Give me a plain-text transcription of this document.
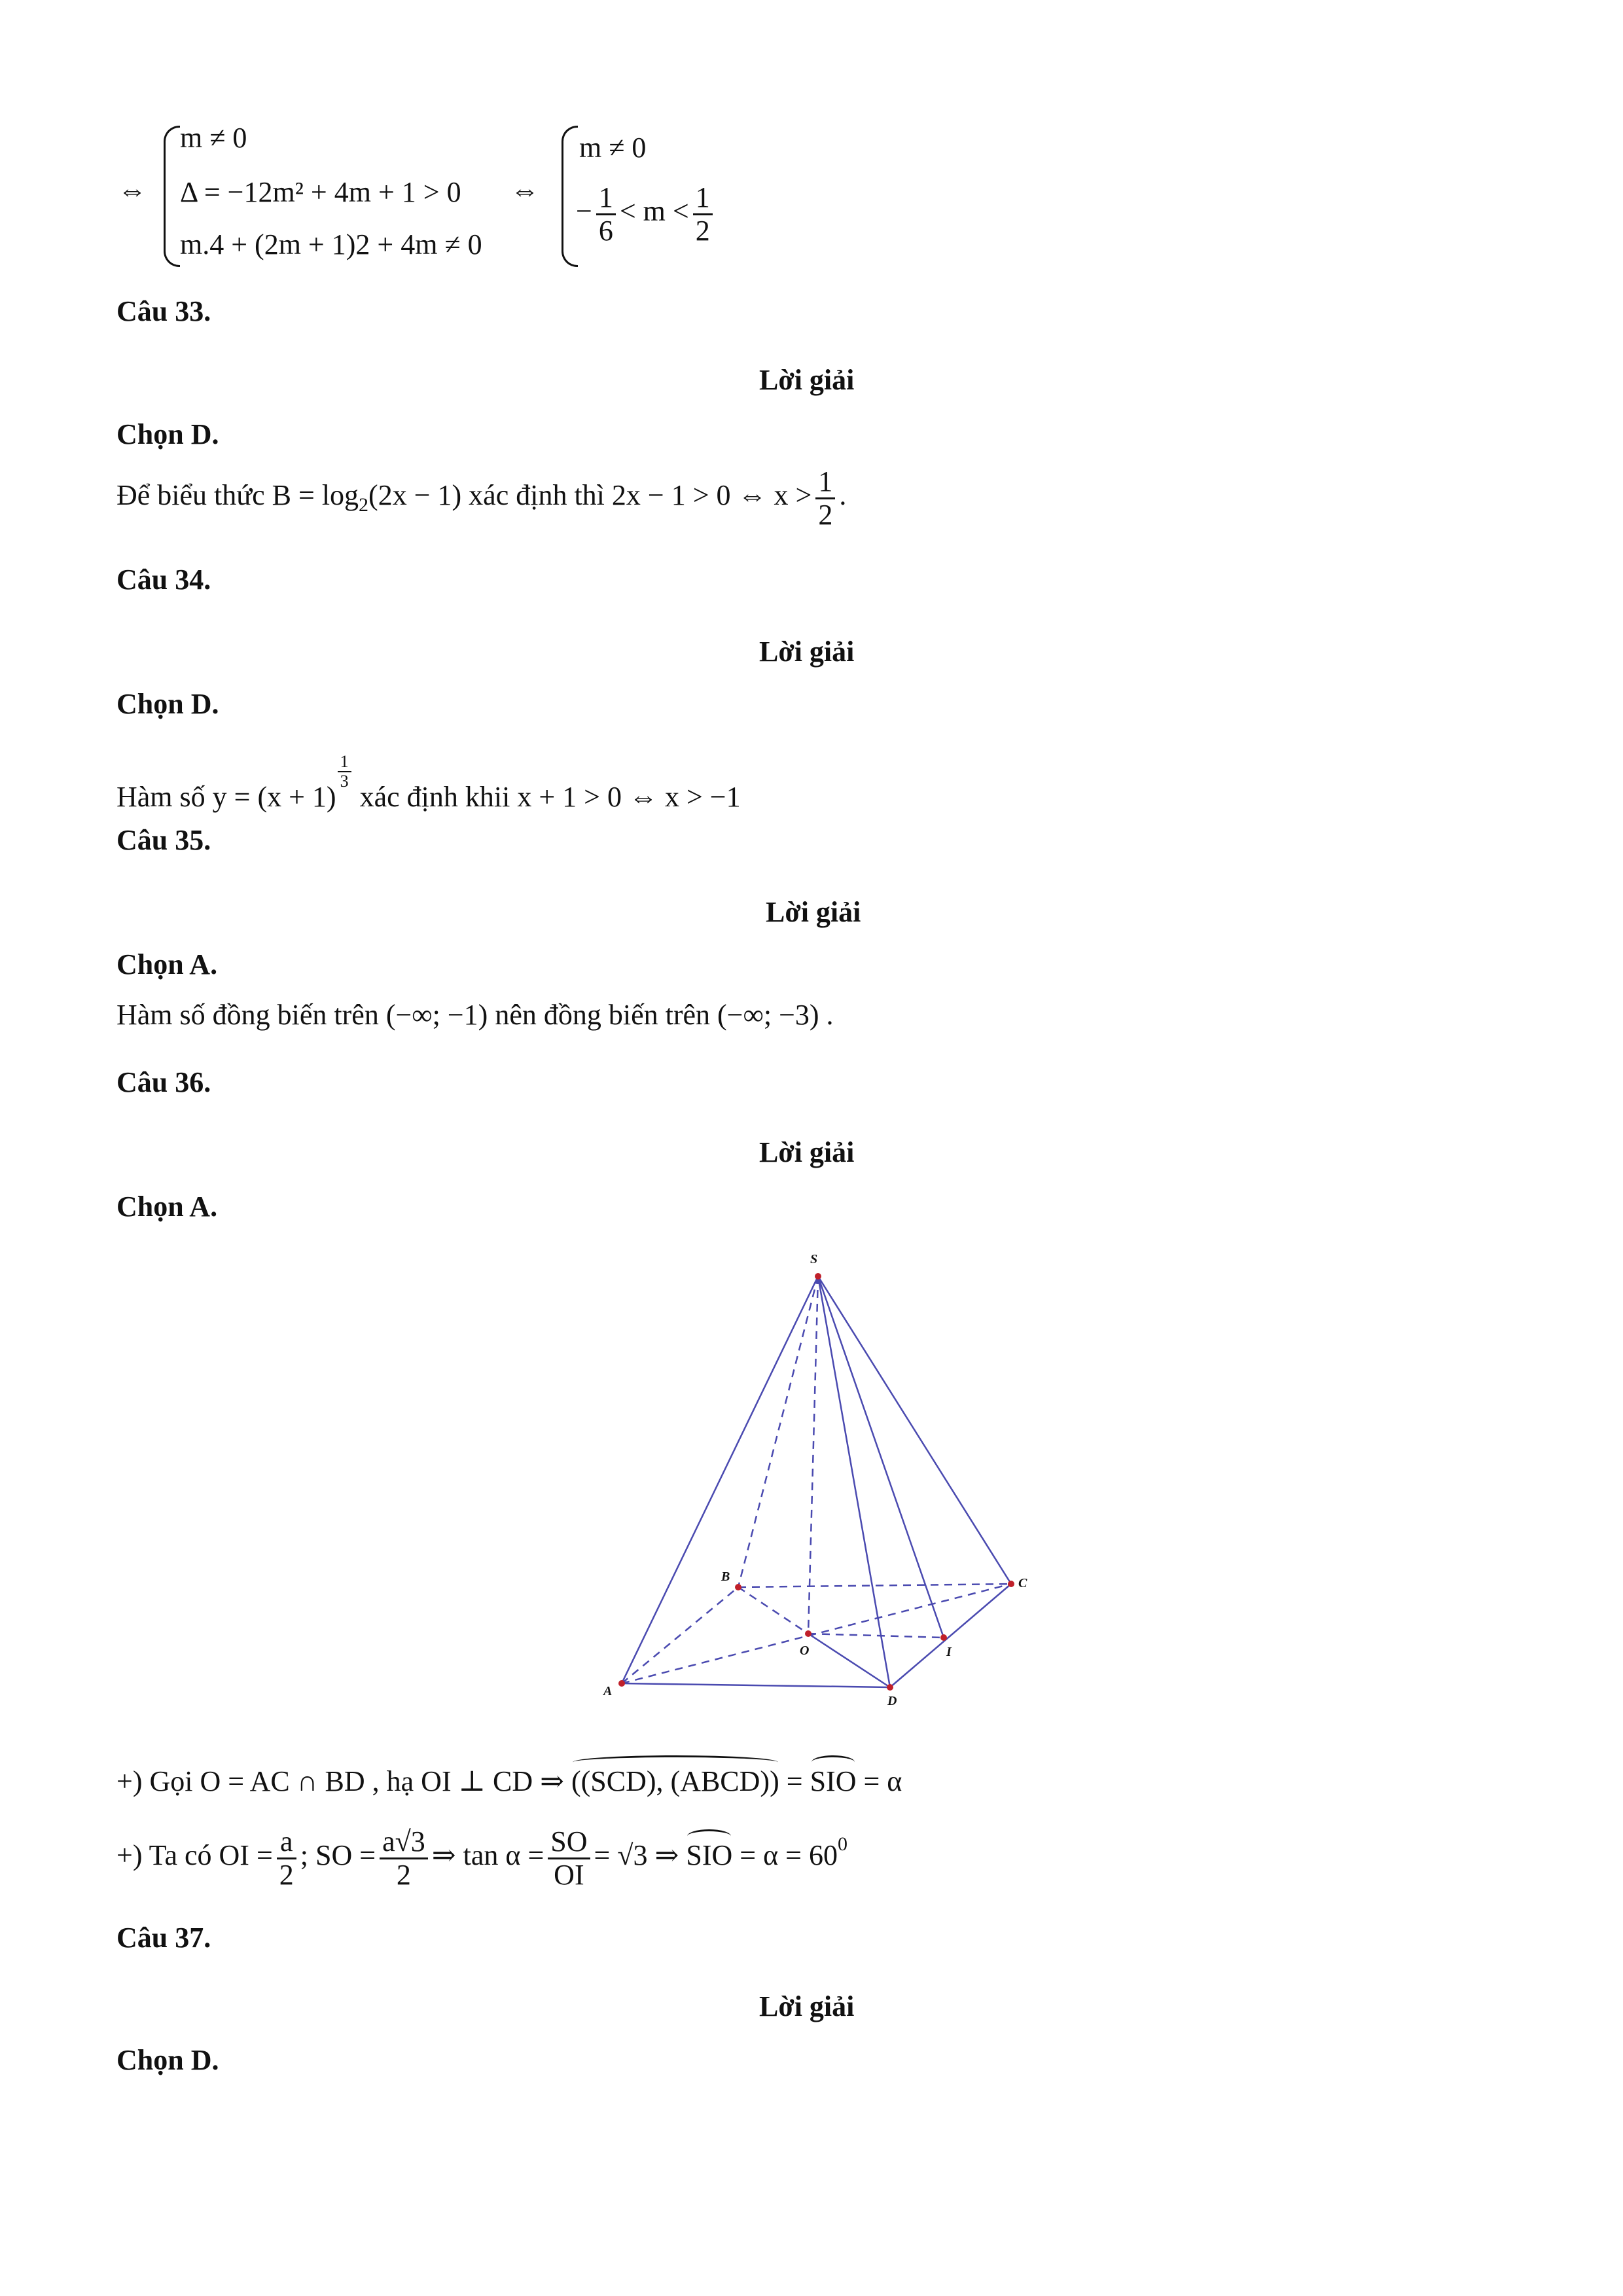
⇔
m ≠ 0
Δ = −12m² + 4m + 1 > 0
m.4 + (2m + 1)2 + 4m ≠ 0
⇔
m ≠ 0
− $\frac{1}{6} < m < \frac{1}{2}$
Câu 33.
Lời giải
Chọn D.
Để biểu thức $B = \log_2(2x - 1)$ xác định thì 2x − 1 > 0 ⇔ $x > \frac{1}{2}$ .
Câu 34.
Lời giải
Chọn D.
Hàm số y = (x + 1)
$\frac{1}{3}$
xác định khii x + 1 > 0 ⇔ x > −1
Câu 35.
Lời giải
Chọn A.
Hàm số đồng biến trên (−∞; −1) nên đồng biến trên (−∞; −3) .
Câu 36.
Lời giải
Chọn A.
S
A
B	C
D
O	I
+) Gọi O = AC ∩ BD , hạ OI ⊥ CD ⇒ ((SCD), (ABCD)) = SIO = α
+) Ta có OI = $\frac{a}{2}$ ; SO = $\frac{a√3}{2}$ ⇒ $\tan \alpha = \frac{SO}{OI} = √3$ ⇒ SIO = $\alpha = 60^0$
Câu 37.
Lời giải
Chọn D.
